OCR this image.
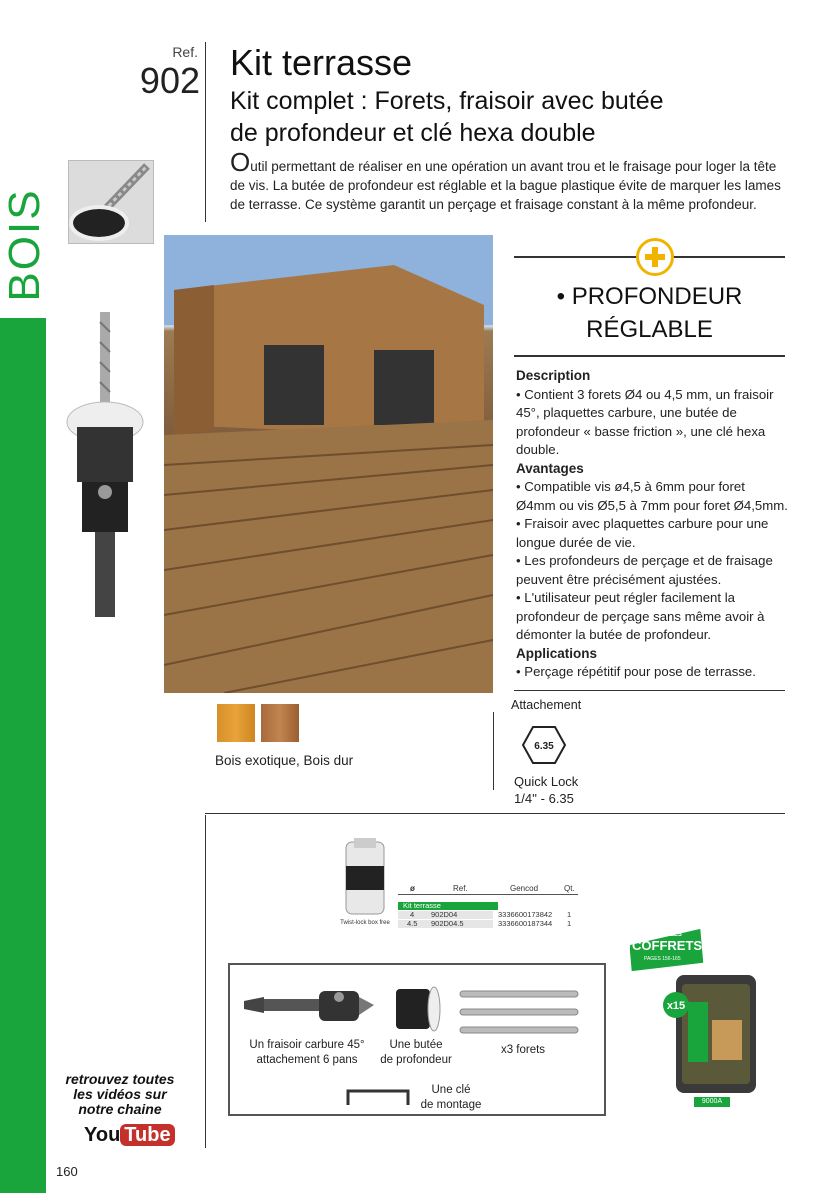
BOIS
Ref.
902 Kit terrasse
Kit complet : Forets, fraisoir avec butée
de profondeur et clé hexa double
Outil permettant de réaliser en une opération un avant trou et le fraisage pour loger la tête de vis. La butée de profondeur est réglable et la bague plastique évite de marquer les lames de terrasse. Ce système garantit un perçage et fraisage constant à la même profondeur.
• PROFONDEUR
RÉGLABLE
Description
• Contient 3 forets Ø4 ou 4,5 mm, un fraisoir 45°, plaquettes carbure, une butée de profondeur « basse friction », une clé hexa double.
Avantages
• Compatible vis ø4,5 à 6mm pour foret Ø4mm ou vis Ø5,5 à 7mm pour foret Ø4,5mm.
• Fraisoir avec plaquettes carbure pour une longue durée de vie.
• Les profondeurs de perçage et de fraisage peuvent être précisément ajustées.
• L'utilisateur peut régler facilement la profondeur de perçage sans même avoir à démonter la butée de profondeur.
Applications
• Perçage répétitif pour pose de terrasse.
Bois exotique, Bois dur
Attachement
6.35
Quick Lock
1/4'' - 6.35
Twist-lock box free
ø	Ref.	Gencod	Qt.
Kit terrasse
4 902D04	3336600173842 1
4.5 902D04.5	3336600187344 1
Un fraisoir carbure 45°
attachement 6 pans
Une butée
de profondeur
x3 forets
Une clé
de montage
TOUS LES
COFFRETS
PAGES 156-165
x15
9000A
retrouvez toutes
les vidéos sur
notre chaine
You Tube
160
